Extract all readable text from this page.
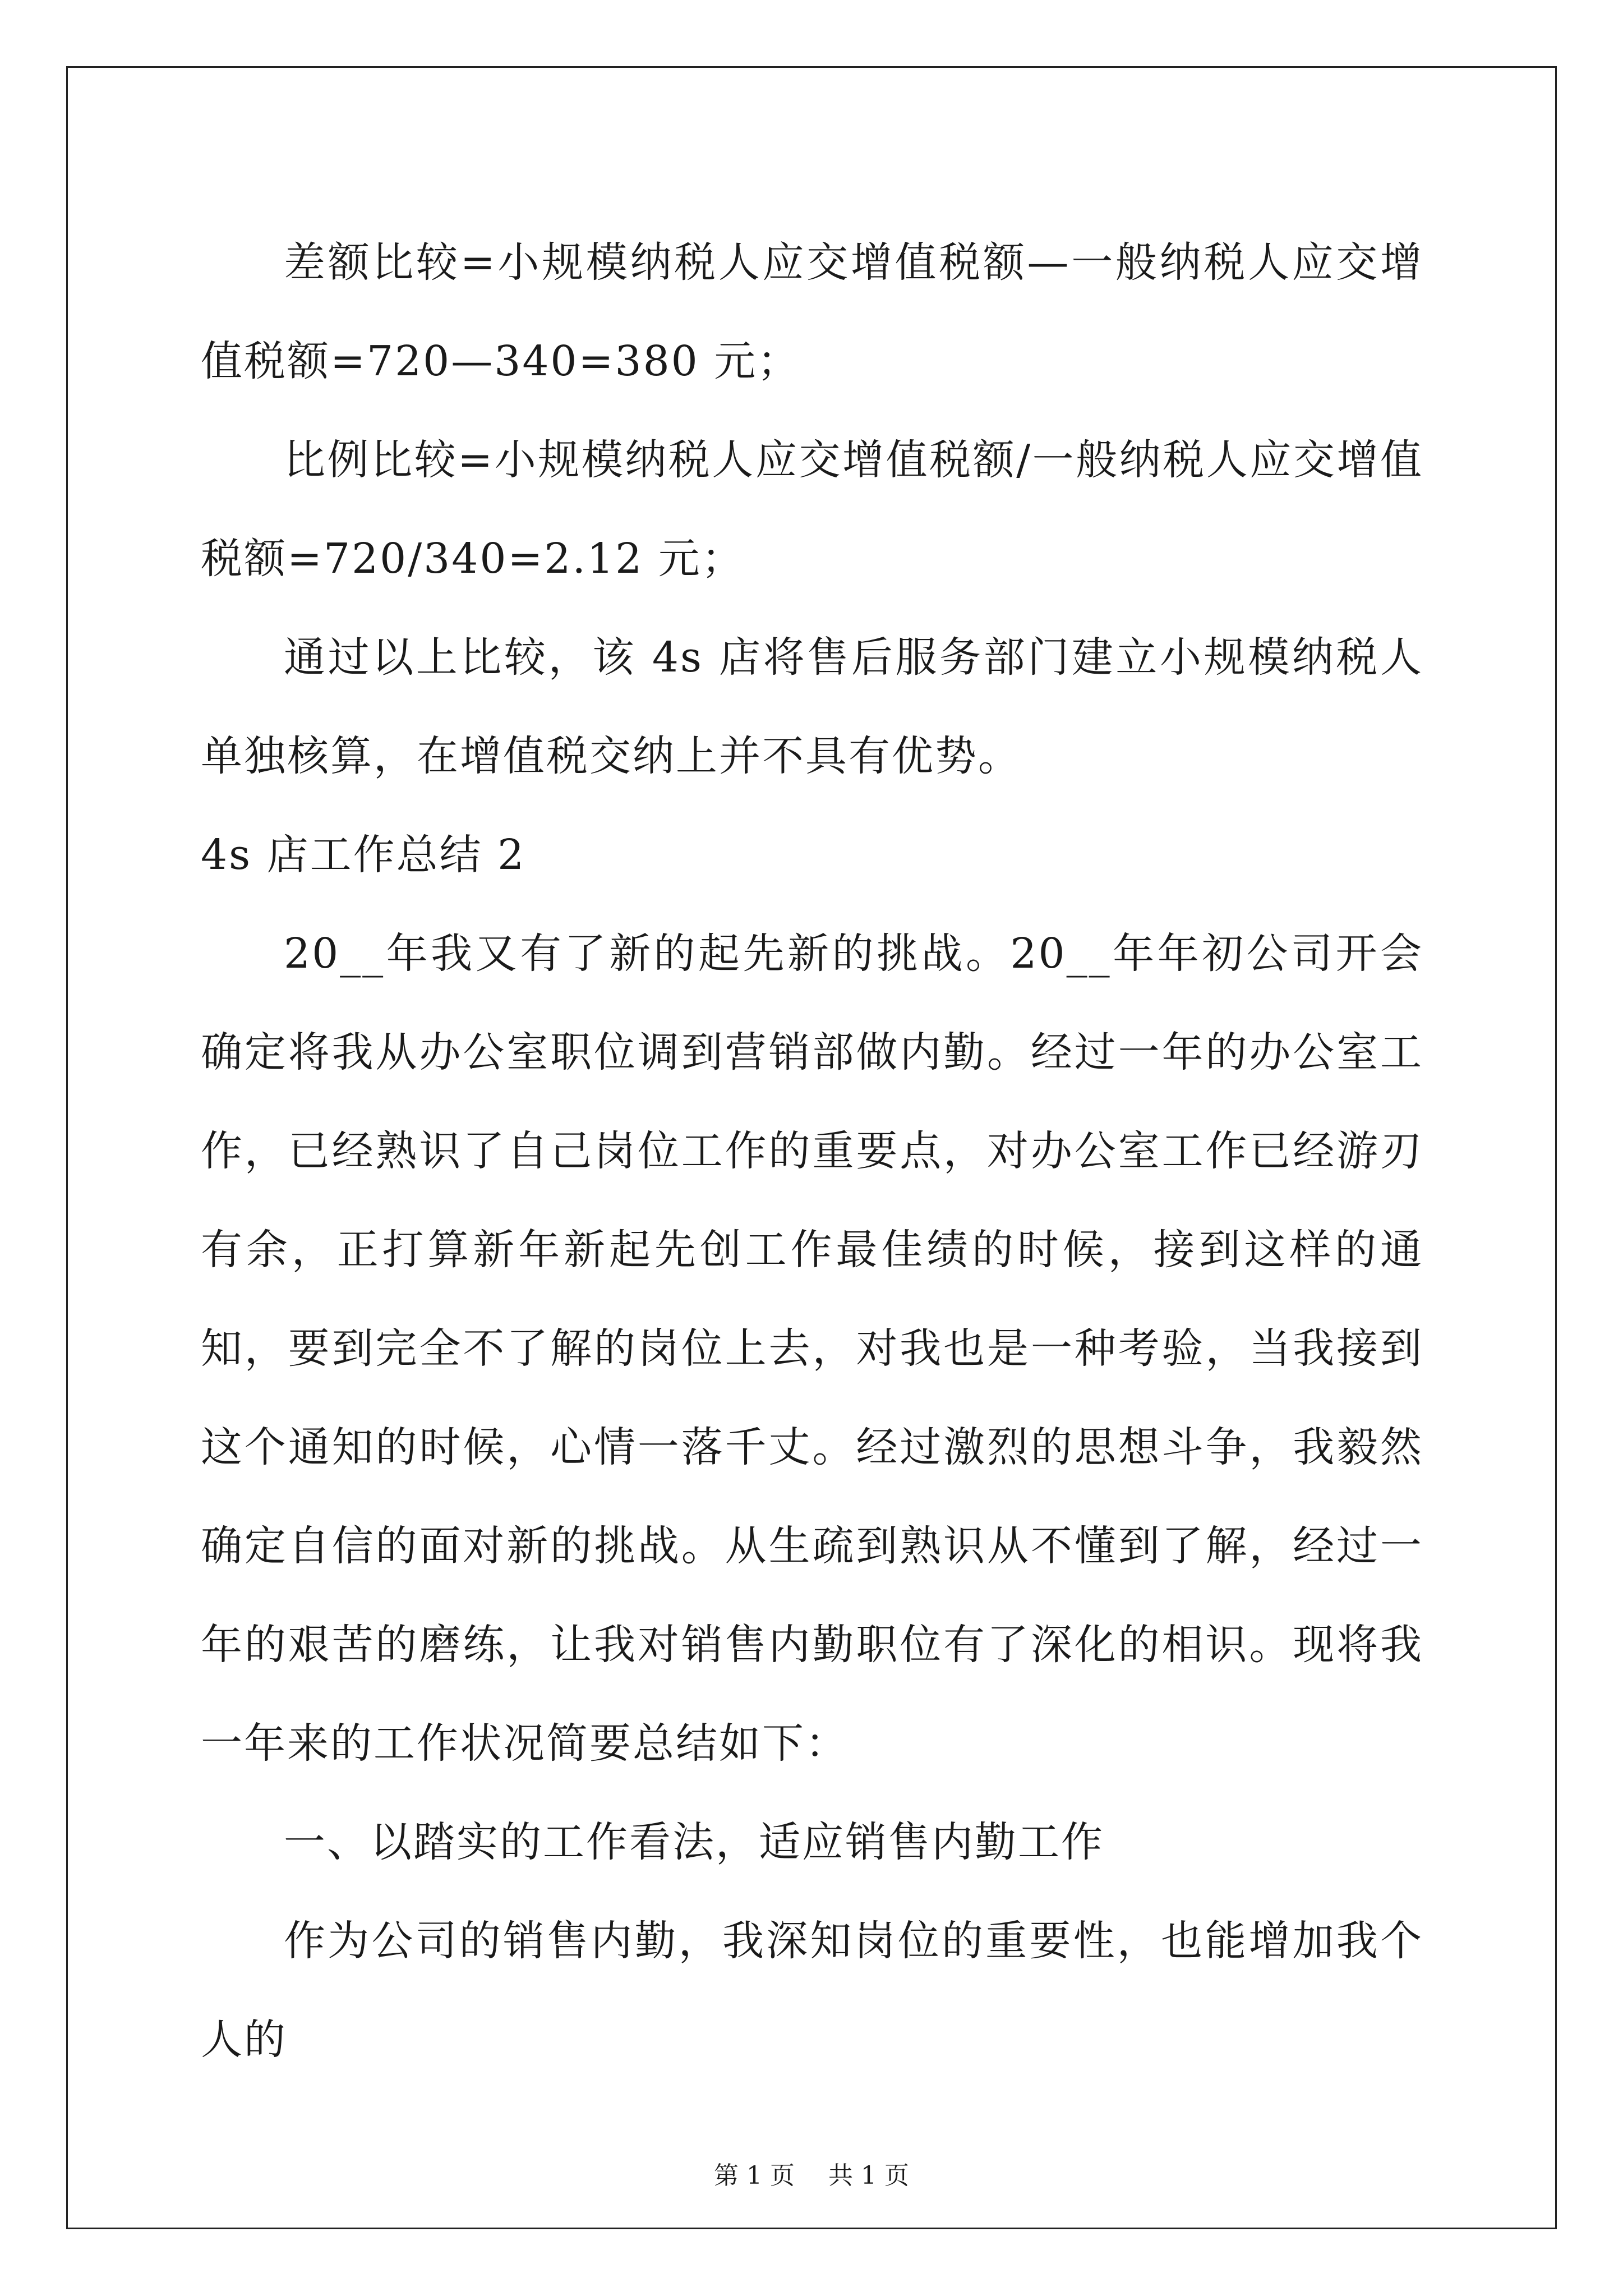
差额比较=小规模纳税人应交增值税额—一般纳税人应交增值税额=720—340=380 元；

比例比较=小规模纳税人应交增值税额/一般纳税人应交增值税额=720/340=2.12 元；

通过以上比较，该 4s 店将售后服务部门建立小规模纳税人单独核算，在增值税交纳上并不具有优势。

4s 店工作总结 2

20__年我又有了新的起先新的挑战。20__年年初公司开会确定将我从办公室职位调到营销部做内勤。经过一年的办公室工作，已经熟识了自己岗位工作的重要点，对办公室工作已经游刃有余，正打算新年新起先创工作最佳绩的时候，接到这样的通知，要到完全不了解的岗位上去，对我也是一种考验，当我接到这个通知的时候，心情一落千丈。经过激烈的思想斗争，我毅然确定自信的面对新的挑战。从生疏到熟识从不懂到了解，经过一年的艰苦的磨练，让我对销售内勤职位有了深化的相识。现将我一年来的工作状况简要总结如下：

一、以踏实的工作看法，适应销售内勤工作

作为公司的销售内勤，我深知岗位的重要性，也能增加我个人的

第 1 页 共 1 页
